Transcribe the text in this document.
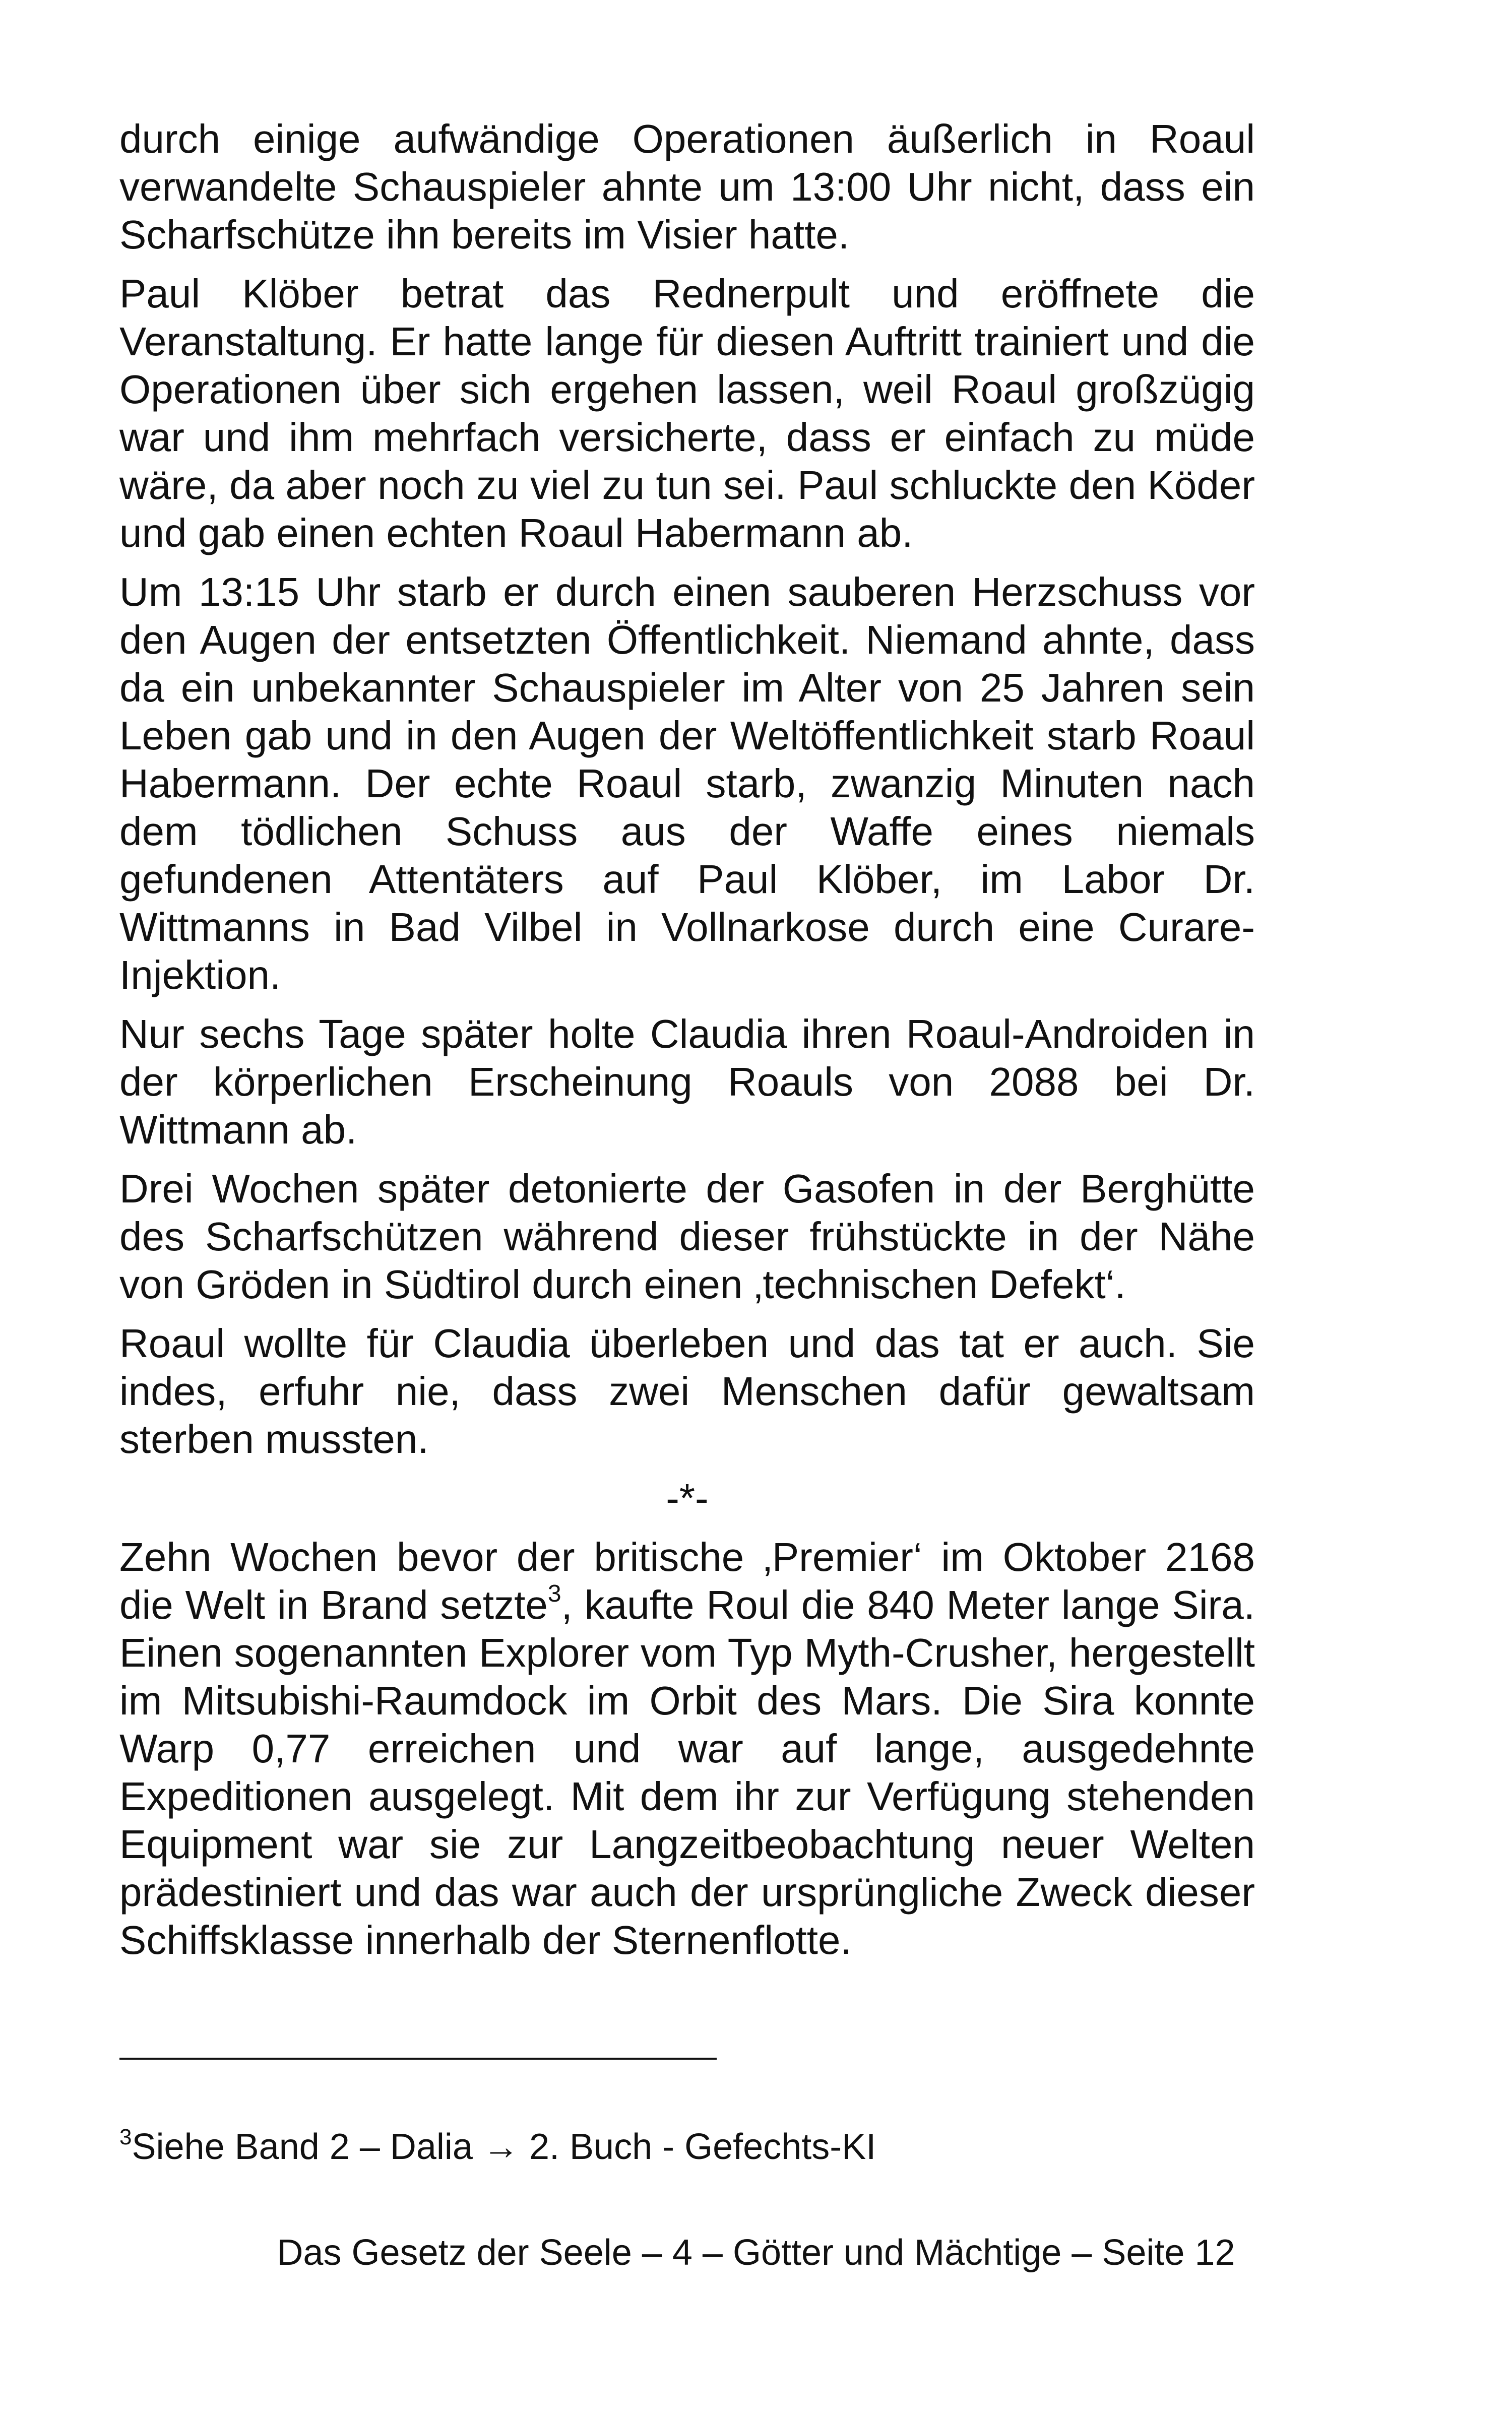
durch einige aufwändige Operationen äußerlich in Roaul verwandelte Schauspieler ahnte um 13:00 Uhr nicht, dass ein Scharfschütze ihn bereits im Visier hatte.

Paul Klöber betrat das Rednerpult und eröffnete die Veranstaltung. Er hatte lange für diesen Auftritt trainiert und die Operationen über sich ergehen lassen, weil Roaul großzügig war und ihm mehrfach versicherte, dass er einfach zu müde wäre, da aber noch zu viel zu tun sei. Paul schluckte den Köder und gab einen echten Roaul Habermann ab.

Um 13:15 Uhr starb er durch einen sauberen Herzschuss vor den Augen der entsetzten Öffentlichkeit. Niemand ahnte, dass da ein unbekannter Schauspieler im Alter von 25 Jahren sein Leben gab und in den Augen der Weltöffentlichkeit starb Roaul Habermann. Der echte Roaul starb, zwanzig Minuten nach dem tödlichen Schuss aus der Waffe eines niemals gefundenen Attentäters auf Paul Klöber, im Labor Dr. Wittmanns in Bad Vilbel in Vollnarkose durch eine Curare-Injektion.

Nur sechs Tage später holte Claudia ihren Roaul-Androiden in der körperlichen Erscheinung Roauls von 2088 bei Dr. Wittmann ab.

Drei Wochen später detonierte der Gasofen in der Berghütte des Scharfschützen während dieser frühstückte in der Nähe von Gröden in Südtirol durch einen ‚technischen Defekt‘.

Roaul wollte für Claudia überleben und das tat er auch. Sie indes, erfuhr nie, dass zwei Menschen dafür gewaltsam sterben mussten.

-*-

Zehn Wochen bevor der britische ‚Premier‘ im Oktober 2168 die Welt in Brand setzte$^3$, kaufte Roul die 840 Meter lange Sira. Einen sogenannten Explorer vom Typ Myth-Crusher, hergestellt im Mitsubishi-Raumdock im Orbit des Mars. Die Sira konnte Warp 0,77 erreichen und war auf lange, ausgedehnte Expeditionen ausgelegt. Mit dem ihr zur Verfügung stehenden Equipment war sie zur Langzeitbeobachtung neuer Welten prädestiniert und das war auch der ursprüngliche Zweck dieser Schiffsklasse innerhalb der Sternenflotte.

$^3$Siehe Band 2 – Dalia → 2. Buch - Gefechts-KI
Das Gesetz der Seele – 4 – Götter und Mächtige – Seite 12
